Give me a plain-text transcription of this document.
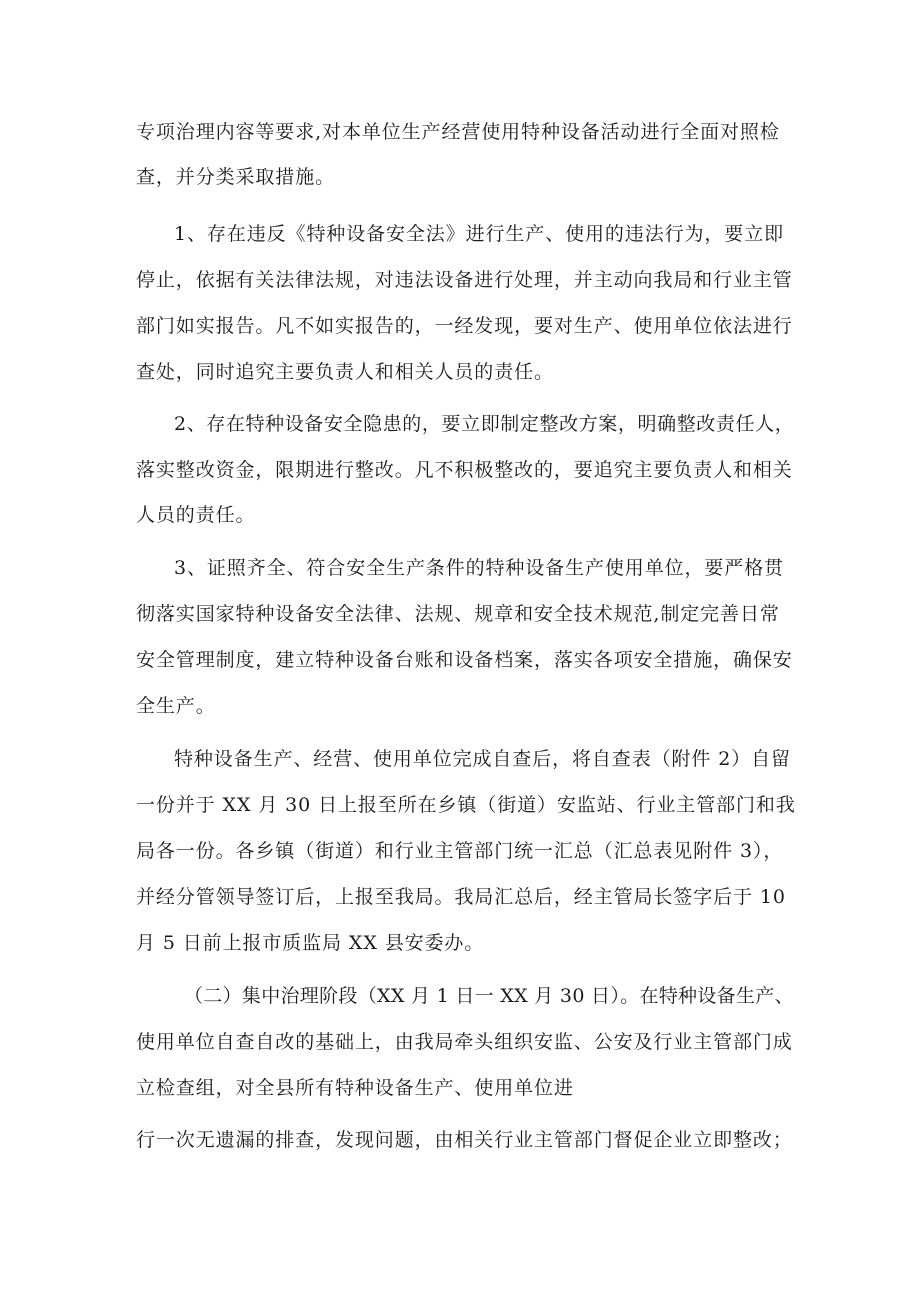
专项治理内容等要求,对本单位生产经营使用特种设备活动进行全面对照检
查，并分类采取措施。
1、存在违反《特种设备安全法》进行生产、使用的违法行为，要立即
停止，依据有关法律法规，对违法设备进行处理，并主动向我局和行业主管
部门如实报告。凡不如实报告的，一经发现，要对生产、使用单位依法进行
查处，同时追究主要负责人和相关人员的责任。
2、存在特种设备安全隐患的，要立即制定整改方案，明确整改责任人，
落实整改资金，限期进行整改。凡不积极整改的，要追究主要负责人和相关
人员的责任。
3、证照齐全、符合安全生产条件的特种设备生产使用单位，要严格贯
彻落实国家特种设备安全法律、法规、规章和安全技术规范,制定完善日常
安全管理制度，建立特种设备台账和设备档案，落实各项安全措施，确保安
全生产。
特种设备生产、经营、使用单位完成自查后，将自查表（附件 2）自留
一份并于 XX 月 30 日上报至所在乡镇（街道）安监站、行业主管部门和我
局各一份。各乡镇（街道）和行业主管部门统一汇总（汇总表见附件 3），
并经分管领导签订后，上报至我局。我局汇总后，经主管局长签字后于 10
月 5 日前上报市质监局 XX 县安委办。
（二）集中治理阶段（XX 月 1 日一 XX 月 30 日）。在特种设备生产、
使用单位自查自改的基础上，由我局牵头组织安监、公安及行业主管部门成
立检查组，对全县所有特种设备生产、使用单位进
行一次无遗漏的排查，发现问题，由相关行业主管部门督促企业立即整改；
